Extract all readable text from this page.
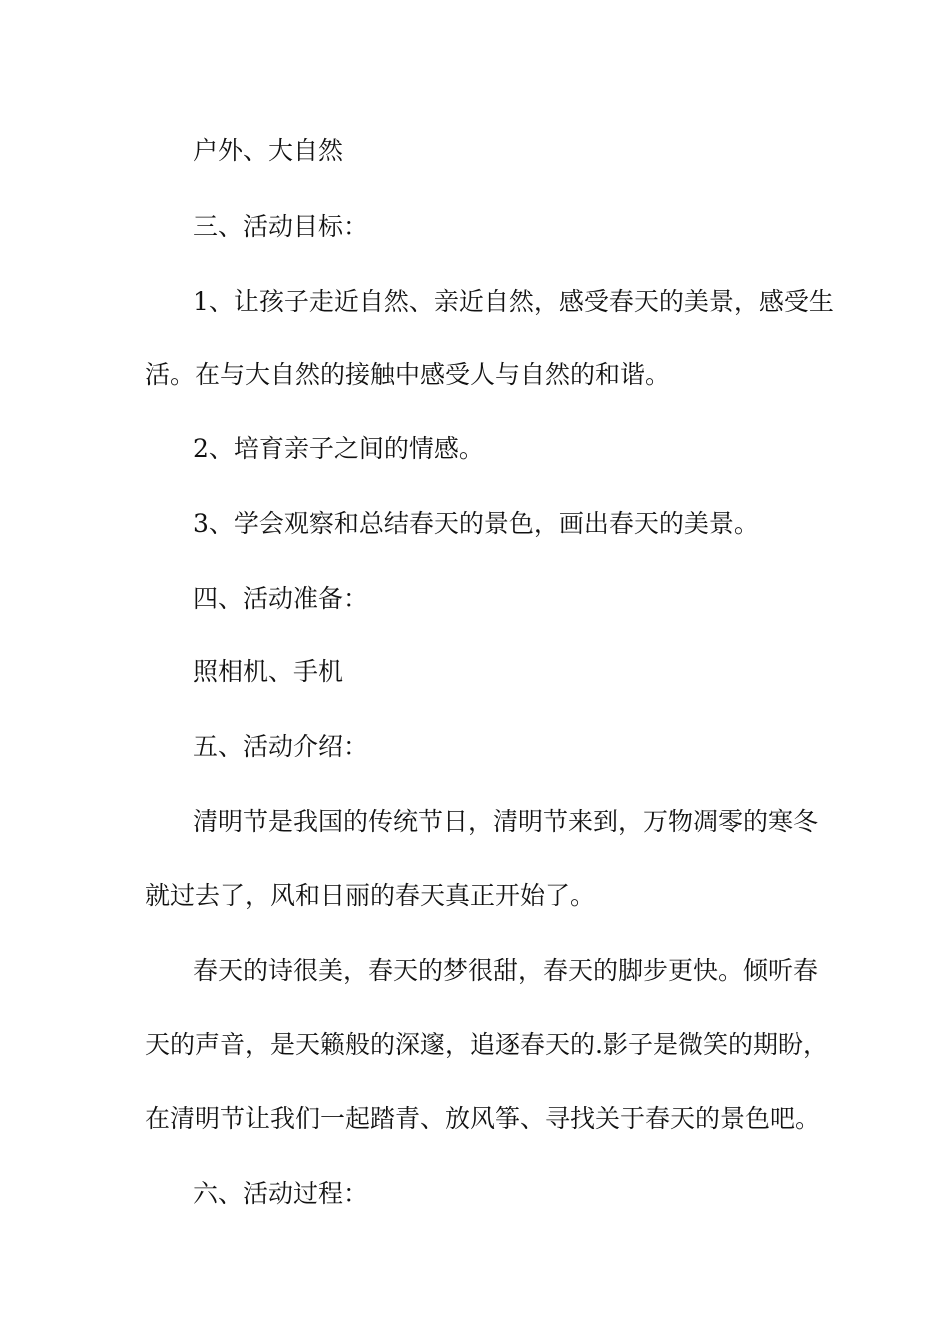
户外、大自然
三、活动目标：
1、让孩子走近自然、亲近自然，感受春天的美景，感受生
活。在与大自然的接触中感受人与自然的和谐。
2、培育亲子之间的情感。
3、学会观察和总结春天的景色，画出春天的美景。
四、活动准备：
照相机、手机
五、活动介绍：
清明节是我国的传统节日，清明节来到，万物凋零的寒冬
就过去了，风和日丽的春天真正开始了。
春天的诗很美，春天的梦很甜，春天的脚步更快。倾听春
天的声音，是天籁般的深邃，追逐春天的.影子是微笑的期盼，
在清明节让我们一起踏青、放风筝、寻找关于春天的景色吧。
六、活动过程：
